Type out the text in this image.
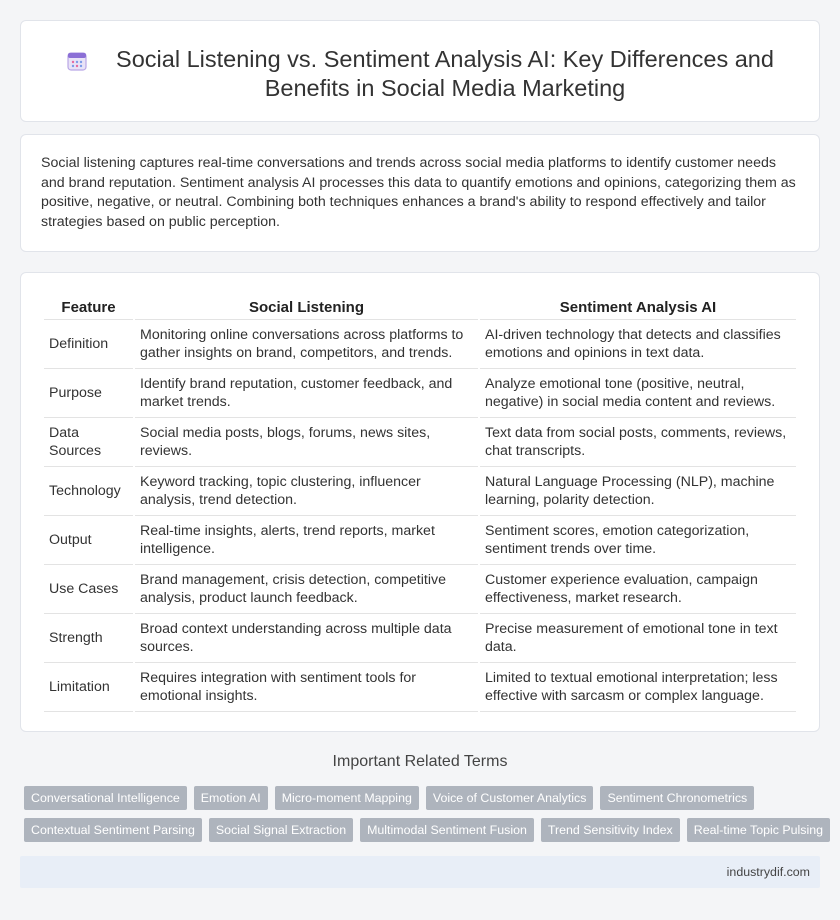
Social Listening vs. Sentiment Analysis AI: Key Differences and Benefits in Social Media Marketing

Social listening captures real-time conversations and trends across social media platforms to identify customer needs and brand reputation. Sentiment analysis AI processes this data to quantify emotions and opinions, categorizing them as positive, negative, or neutral. Combining both techniques enhances a brand's ability to respond effectively and tailor strategies based on public perception.

Feature	Social Listening	Sentiment Analysis AI
Definition	Monitoring online conversations across platforms to gather insights on brand, competitors, and trends.	AI-driven technology that detects and classifies emotions and opinions in text data.
Purpose	Identify brand reputation, customer feedback, and market trends.	Analyze emotional tone (positive, neutral, negative) in social media content and reviews.
Data Sources	Social media posts, blogs, forums, news sites, reviews.	Text data from social posts, comments, reviews, chat transcripts.
Technology	Keyword tracking, topic clustering, influencer analysis, trend detection.	Natural Language Processing (NLP), machine learning, polarity detection.
Output	Real-time insights, alerts, trend reports, market intelligence.	Sentiment scores, emotion categorization, sentiment trends over time.
Use Cases	Brand management, crisis detection, competitive analysis, product launch feedback.	Customer experience evaluation, campaign effectiveness, market research.
Strength	Broad context understanding across multiple data sources.	Precise measurement of emotional tone in text data.
Limitation	Requires integration with sentiment tools for emotional insights.	Limited to textual emotional interpretation; less effective with sarcasm or complex language.
Important Related Terms
Conversational Intelligence	Emotion AI	Micro-moment Mapping	Voice of Customer Analytics	Sentiment Chronometrics
Contextual Sentiment Parsing	Social Signal Extraction	Multimodal Sentiment Fusion	Trend Sensitivity Index	Real-time Topic Pulsing
industrydif.com
